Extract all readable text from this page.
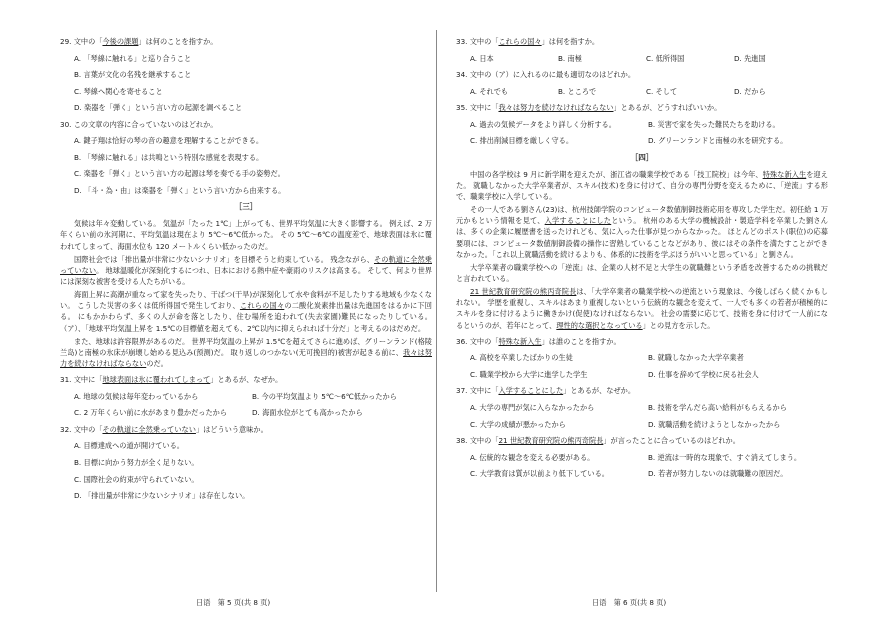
29. 文中の「今後の課題」は何のことを指すか。
A. 「琴線に触れる」と巡り合うこと
B. 言葉が文化の名残を継承すること
C. 琴線へ関心を寄せること
D. 楽器を「弾く」という言い方の起源を調べること
30. この文章の内容に合っていないのはどれか。
A. 鍵子翔は恰好の琴の音の趣意を理解することができる。
B. 「琴線に触れる」は共鳴という特別な感覚を表現する。
C. 楽器を「弾く」という言い方の起源は琴を奏でる手の姿勢だ。
D. 「斗・為・由」は楽器を「弾く」という言い方から由来する。
［三］

気候は年々変動している。 気温が「たった 1℃」上がっても、世界平均気温に大きく影響する。 例えば、2 万年くらい前の氷河期に、平均気温は現在より 5℃～6℃低かった。 その 5℃～6℃の温度差で、地球表面は氷に覆われてしまって、海面水位も 120 メートルくらい低かったのだ。

国際社会では「排出量が非常に少ないシナリオ」を目標そうと約束している。 残念ながら、その軌道に全然乗っていない。 地球温暖化が深刻化するにつれ、日本における熱中症や豪雨のリスクは高まる。 そして、何より世界には深刻な被害を受ける人たちがいる。

海面上昇に高潮が重なって家を失ったり、干ばつ(干旱)が深刻化して水や食料が不足したりする地域も少なくない。 こうした災害の多くは低所得国で発生しており、これらの国々の二酸化炭素排出量は先進国をはるかに下回る。 にもかかわらず、多くの人が命を落としたり、住む場所を追われて(失去家園)難民になったりしている。（ア）、「地球平均気温上昇を 1.5℃の目標値を超えても、2℃以内に抑えられれば十分だ」と考えるのはだめだ。

また、地球は許容限界があるのだ。 世界平均気温の上昇が 1.5℃を超えてさらに進めば、グリーンランド(格陵兰岛)と南極の氷床が崩壊し始める見込み(预测)だ。 取り返しのつかない(无可挽回的)被害が起きる前に、我々は努力を続けなければならないのだ。

31. 文中に「地球表面は氷に覆われてしまって」とあるが、なぜか。
A. 地球の気候は毎年変わっているから	B. 今の平均気温より 5℃～6℃低かったから
C. 2 万年くらい前に水があまり豊かだったから	D. 海面水位がとても高かったから
32. 文中の「その軌道に全然乗っていない」はどういう意味か。
A. 目標達成への道が開けている。
B. 目標に向かう努力が全く足りない。
C. 国際社会の約束が守られていない。
D. 「排出量が非常に少ないシナリオ」は存在しない。
33. 文中の「これらの国々」は何を指すか。
A. 日本	B. 南極	C. 低所得国	D. 先進国
34. 文中の（ア）に入れるのに最も適切なのはどれか。
A. それでも	B. ところで	C. そして	D. だから
35. 文中に「我々は努力を続けなければならない」とあるが、どうすればいいか。
A. 過去の気候データをより詳しく分析する。	B. 災害で家を失った難民たちを助ける。
C. 排出削減目標を厳しく守る。	D. グリーンランドと南極の氷を研究する。
［四］

中国の各学校は 9 月に新学期を迎えたが、浙江省の職業学校である「技工院校」は今年、特殊な新入生を迎えた。 就職しなかった大学卒業者が、スキル(技术)を身に付けて、自分の専門分野を変えるために、「逆流」する形で、職業学校に入学している。

その一人である劉さん(23)は、杭州技師学院のコンピュータ数値制御技術応用を専攻した学生だ。初任給 1 万元かもという情報を見て、入学することにしたという。 杭州のある大学の機械設計・製造学科を卒業した劉さんは、多くの企業に履歴書を送ったけれども、気に入った仕事が見つからなかった。 ほとんどのポスト(职位)の応募要項には、コンピュータ数値制御設備の操作に習熟していることなどがあり、彼にはその条件を満たすことができなかった。「これ以上就職活動を続けるよりも、体系的に技術を学ぶほうがいいと思っている」と劉さん。

大学卒業者の職業学校への「逆流」は、企業の人材不足と大学生の就職難という矛盾を改善するための挑戦だと言われている。

21 世紀教育研究院の熊丙奇院長は、「大学卒業者の職業学校への逆流という現象は、今後しばらく続くかもしれない。 学歴を重視し、スキルはあまり重視しないという伝統的な観念を変えて、一人でも多くの若者が積極的にスキルを身に付けるように働きかけ(促使)なければならない。 社会の需要に応じて、技術を身に付けて一人前になるというのが、若年にとって、理性的な選択となっている」との見方を示した。

36. 文中の「特殊な新入生」は誰のことを指すか。
A. 高校を卒業したばかりの生徒	B. 就職しなかった大学卒業者
C. 職業学校から大学に進学した学生	D. 仕事を辞めて学校に戻る社会人
37. 文中に「入学することにした」とあるが、なぜか。
A. 大学の専門が気に入らなかったから	B. 技術を学んだら高い給料がもらえるから
C. 大学の成績が悪かったから	D. 就職活動を続けようとしなかったから
38. 文中の「21 世紀教育研究院の熊丙奇院長」が言ったことに合っているのはどれか。
A. 伝統的な観念を変える必要がある。	B. 逆流は一時的な現象で、すぐ消えてしまう。
C. 大学教育は質が以前より低下している。	D. 若者が努力しないのは就職難の原因だ。
日语　第 5 页(共 8 页)	日语　第 6 页(共 8 页)
